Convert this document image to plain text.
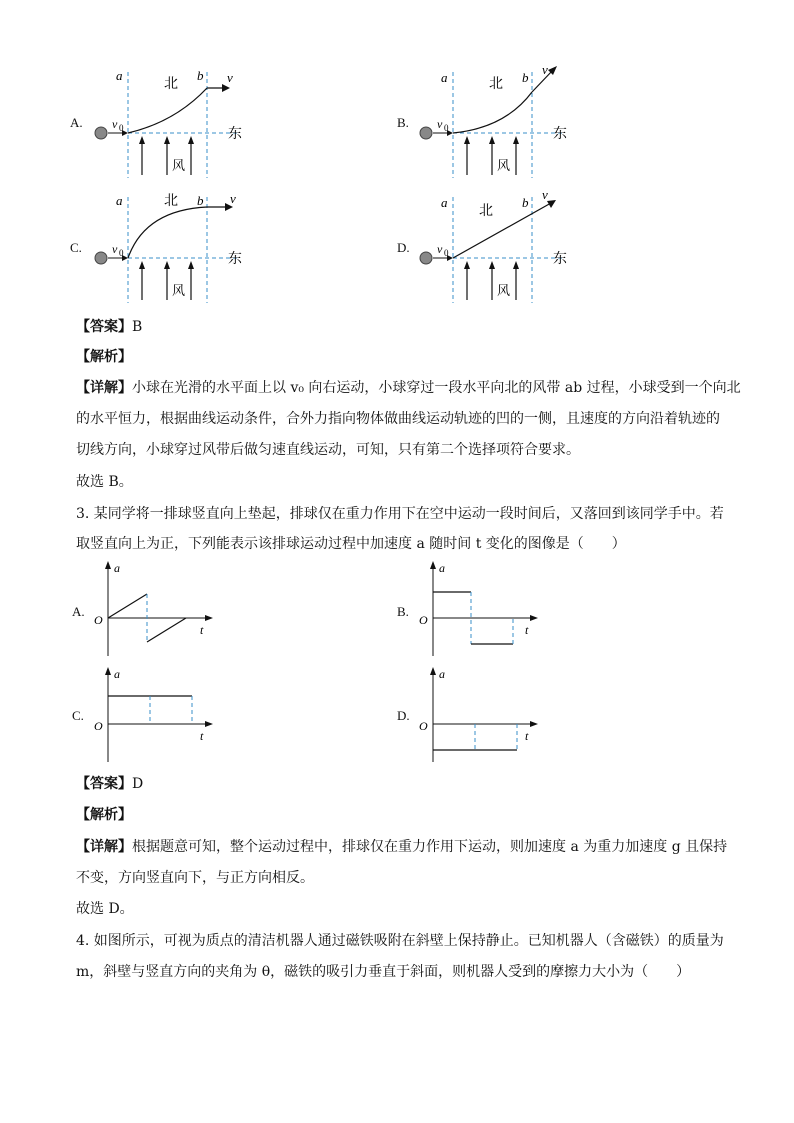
A.
a	b v
北
东
风
v 0	B.
a	b
v
北
东
风
v 0
C.
a	b v
北
东
风
v 0	D.
a	b
v
北
东
风
v 0
【答案】B
【解析】
【详解】小球在光滑的水平面上以 v₀ 向右运动，小球穿过一段水平向北的风带 ab 过程，小球受到一个向北
的水平恒力，根据曲线运动条件，合外力指向物体做曲线运动轨迹的凹的一侧，且速度的方向沿着轨迹的
切线方向，小球穿过风带后做匀速直线运动，可知，只有第二个选择项符合要求。
故选 B。
3. 某同学将一排球竖直向上垫起，排球仅在重力作用下在空中运动一段时间后，又落回到该同学手中。若
取竖直向上为正，下列能表示该排球运动过程中加速度 a 随时间 t 变化的图像是（　　）
A.
a
O
t
B.
a
O
t
C.
a
O
t
D.
a
O
t
【答案】D
【解析】
【详解】根据题意可知，整个运动过程中，排球仅在重力作用下运动，则加速度 a 为重力加速度 g 且保持
不变，方向竖直向下，与正方向相反。
故选 D。
4. 如图所示，可视为质点的清洁机器人通过磁铁吸附在斜壁上保持静止。已知机器人（含磁铁）的质量为
m，斜壁与竖直方向的夹角为 θ，磁铁的吸引力垂直于斜面，则机器人受到的摩擦力大小为（　　）
